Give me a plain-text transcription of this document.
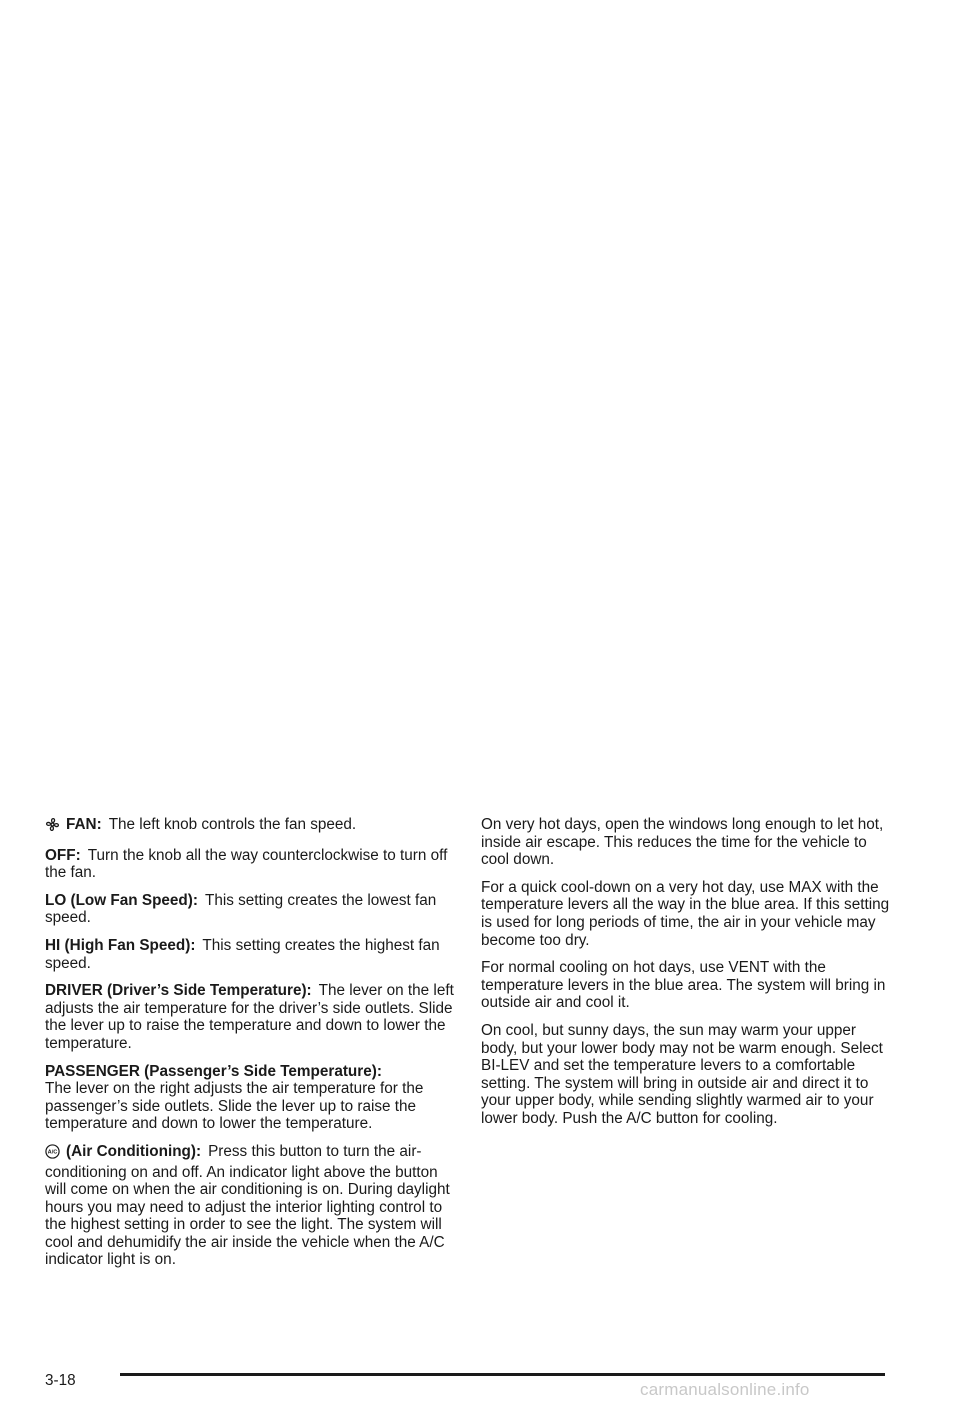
FAN: The left knob controls the fan speed.

OFF: Turn the knob all the way counterclockwise to turn off the fan.

LO (Low Fan Speed): This setting creates the lowest fan speed.

HI (High Fan Speed): This setting creates the highest fan speed.

DRIVER (Driver’s Side Temperature): The lever on the left adjusts the air temperature for the driver’s side outlets. Slide the lever up to raise the temperature and down to lower the temperature.

PASSENGER (Passenger’s Side Temperature):
The lever on the right adjusts the air temperature for the passenger’s side outlets. Slide the lever up to raise the temperature and down to lower the temperature.

A/C (Air Conditioning): Press this button to turn the air-conditioning on and off. An indicator light above the button will come on when the air conditioning is on. During daylight hours you may need to adjust the interior lighting control to the highest setting in order to see the light. The system will cool and dehumidify the air inside the vehicle when the A/C indicator light is on.

On very hot days, open the windows long enough to let hot, inside air escape. This reduces the time for the vehicle to cool down.

For a quick cool-down on a very hot day, use MAX with the temperature levers all the way in the blue area. If this setting is used for long periods of time, the air in your vehicle may become too dry.

For normal cooling on hot days, use VENT with the temperature levers in the blue area. The system will bring in outside air and cool it.

On cool, but sunny days, the sun may warm your upper body, but your lower body may not be warm enough. Select BI-LEV and set the temperature levers to a comfortable setting. The system will bring in outside air and direct it to your upper body, while sending slightly warmed air to your lower body. Push the A/C button for cooling.

3-18	carmanualsonline.info
